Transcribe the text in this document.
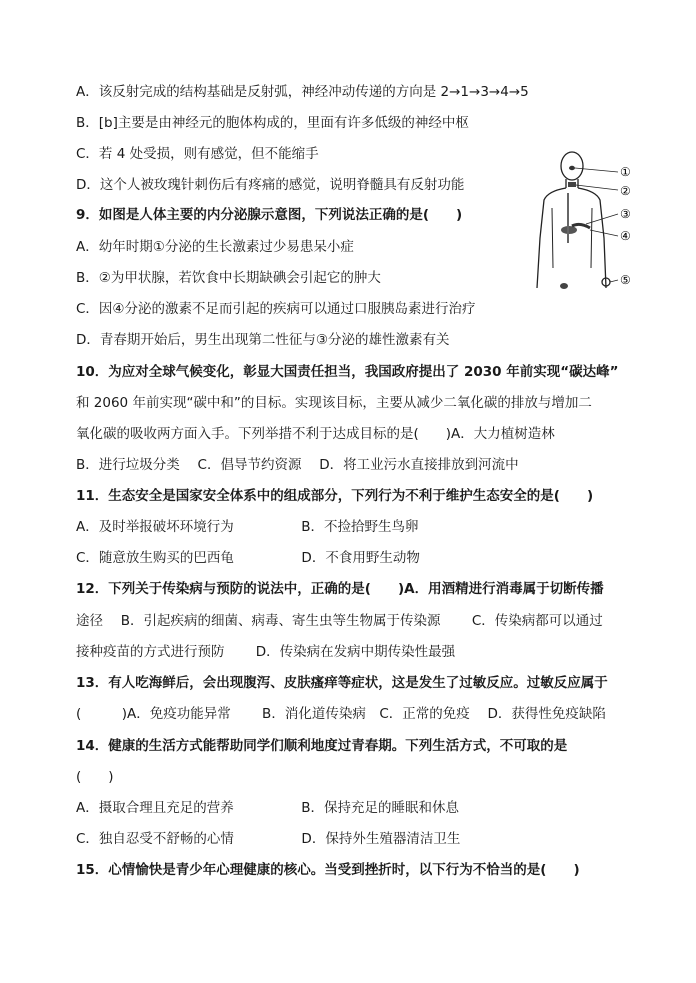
A．该反射完成的结构基础是反射弧，神经冲动传递的方向是 2→1→3→4→5
B．[b]主要是由神经元的胞体构成的，里面有许多低级的神经中枢
C．若 4 处受损，则有感觉，但不能缩手
D．这个人被玫瑰针刺伤后有疼痛的感觉，说明脊髓具有反射功能
9．如图是人体主要的内分泌腺示意图，下列说法正确的是(　　)
A．幼年时期①分泌的生长激素过少易患呆小症
B．②为甲状腺，若饮食中长期缺碘会引起它的肿大
C．因④分泌的激素不足而引起的疾病可以通过口服胰岛素进行治疗
D．青春期开始后，男生出现第二性征与③分泌的雄性激素有关
10．为应对全球气候变化，彰显大国责任担当，我国政府提出了 2030 年前实现“碳达峰”
和 2060 年前实现“碳中和”的目标。实现该目标，主要从减少二氧化碳的排放与增加二
氧化碳的吸收两方面入手。下列举措不利于达成目标的是(　　)A．大力植树造林
B．进行垃圾分类　 C．倡导节约资源　 D．将工业污水直接排放到河流中
11．生态安全是国家安全体系中的组成部分，下列行为不利于维护生态安全的是(　　)
A．及时举报破坏环境行为　　　　　B．不捡拾野生鸟卵
C．随意放生购买的巴西龟　　　　　D．不食用野生动物
12．下列关于传染病与预防的说法中，正确的是(　　)A．用酒精进行消毒属于切断传播
途径　 B．引起疾病的细菌、病毒、寄生虫等生物属于传染源　　 C．传染病都可以通过
接种疫苗的方式进行预防　　 D．传染病在发病中期传染性最强
13．有人吃海鲜后，会出现腹泻、皮肤瘙痒等症状，这是发生了过敏反应。过敏反应属于
(　　　)A．免疫功能异常　　 B．消化道传染病　C．正常的免疫　 D．获得性免疫缺陷
14．健康的生活方式能帮助同学们顺利地度过青春期。下列生活方式，不可取的是
(　　)
A．摄取合理且充足的营养　　　　　B．保持充足的睡眠和休息
C．独自忍受不舒畅的心情　　　　　D．保持外生殖器清洁卫生
15．心情愉快是青少年心理健康的核心。当受到挫折时，以下行为不恰当的是(　　)
①
②
③
④
⑤
